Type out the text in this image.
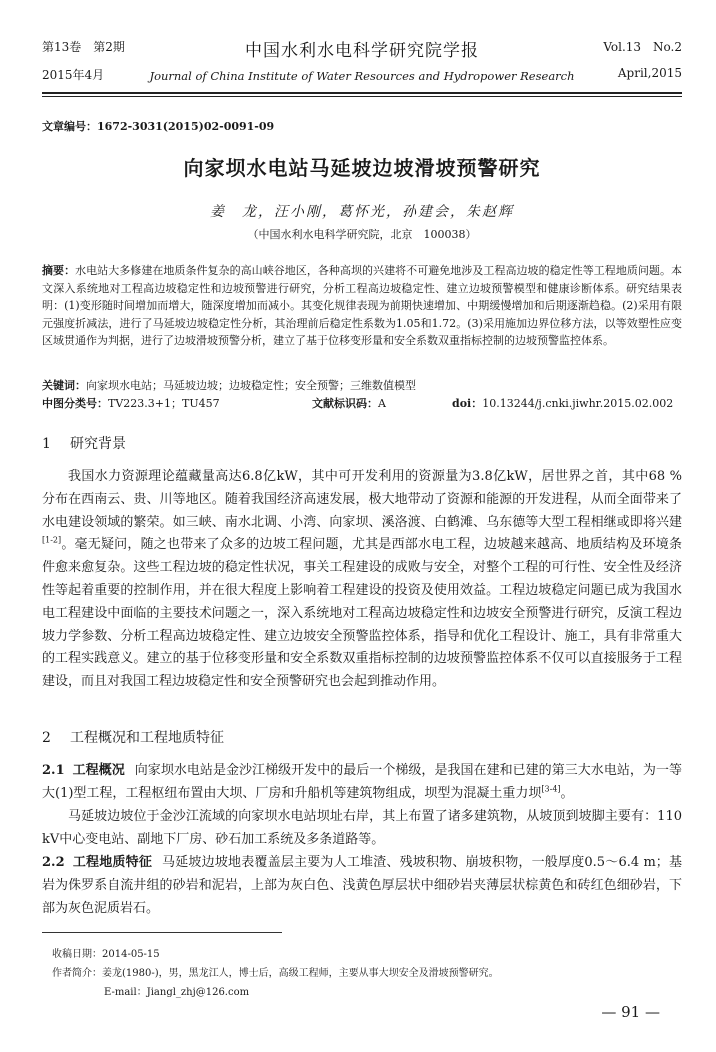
第13卷　第2期	中国水利水电科学研究院学报	Vol.13　No.2
2015年4月	Journal of China Institute of Water Resources and Hydropower Research	April,2015
文章编号：1672-3031(2015)02-0091-09
向家坝水电站马延坡边坡滑坡预警研究
姜　龙，汪小刚，葛怀光，孙建会，朱赵辉
（中国水利水电科学研究院，北京　100038）
摘要：水电站大多修建在地质条件复杂的高山峡谷地区，各种高坝的兴建将不可避免地涉及工程高边坡的稳定性等工程地质问题。本文深入系统地对工程高边坡稳定性和边坡预警进行研究，分析工程高边坡稳定性、建立边坡预警模型和健康诊断体系。研究结果表明：(1)变形随时间增加而增大，随深度增加而减小。其变化规律表现为前期快速增加、中期缓慢增加和后期逐渐趋稳。(2)采用有限元强度折减法，进行了马延坡边坡稳定性分析，其治理前后稳定性系数为1.05和1.72。(3)采用施加边界位移方法，以等效塑性应变区域贯通作为判据，进行了边坡滑坡预警分析，建立了基于位移变形量和安全系数双重指标控制的边坡预警监控体系。
关键词：向家坝水电站；马延坡边坡；边坡稳定性；安全预警；三维数值模型
中图分类号：TV223.3+1；TU457	文献标识码：A	doi：10.13244/j.cnki.jiwhr.2015.02.002
1 研究背景
我国水力资源理论蕴藏量高达6.8亿kW，其中可开发利用的资源量为3.8亿kW，居世界之首，其中68 % 分布在西南云、贵、川等地区。随着我国经济高速发展，极大地带动了资源和能源的开发进程，从而全面带来了水电建设领域的繁荣。如三峡、南水北调、小湾、向家坝、溪洛渡、白鹤滩、乌东德等大型工程相继或即将兴建[1-2]。毫无疑问，随之也带来了众多的边坡工程问题，尤其是西部水电工程，边坡越来越高、地质结构及环境条件愈来愈复杂。这些工程边坡的稳定性状况，事关工程建设的成败与安全，对整个工程的可行性、安全性及经济性等起着重要的控制作用，并在很大程度上影响着工程建设的投资及使用效益。工程边坡稳定问题已成为我国水电工程建设中面临的主要技术问题之一，深入系统地对工程高边坡稳定性和边坡安全预警进行研究，反演工程边坡力学参数、分析工程高边坡稳定性、建立边坡安全预警监控体系，指导和优化工程设计、施工，具有非常重大的工程实践意义。建立的基于位移变形量和安全系数双重指标控制的边坡预警监控体系不仅可以直接服务于工程建设，而且对我国工程边坡稳定性和安全预警研究也会起到推动作用。
2 工程概况和工程地质特征
2.1 工程概况 向家坝水电站是金沙江梯级开发中的最后一个梯级，是我国在建和已建的第三大水电站，为一等大(1)型工程，工程枢纽布置由大坝、厂房和升船机等建筑物组成，坝型为混凝土重力坝[3-4]。
马延坡边坡位于金沙江流域的向家坝水电站坝址右岸，其上布置了诸多建筑物，从坡顶到坡脚主要有：110 kV中心变电站、副地下厂房、砂石加工系统及多条道路等。
2.2 工程地质特征 马延坡边坡地表覆盖层主要为人工堆渣、残坡积物、崩坡积物，一般厚度0.5～6.4 m；基岩为侏罗系自流井组的砂岩和泥岩，上部为灰白色、浅黄色厚层状中细砂岩夹薄层状棕黄色和砖红色细砂岩，下部为灰色泥质岩石。
收稿日期：2014-05-15
作者简介：姜龙(1980-)，男，黑龙江人，博士后，高级工程师，主要从事大坝安全及滑坡预警研究。
E-mail：Jiangl_zhj@126.com
— 91 —
